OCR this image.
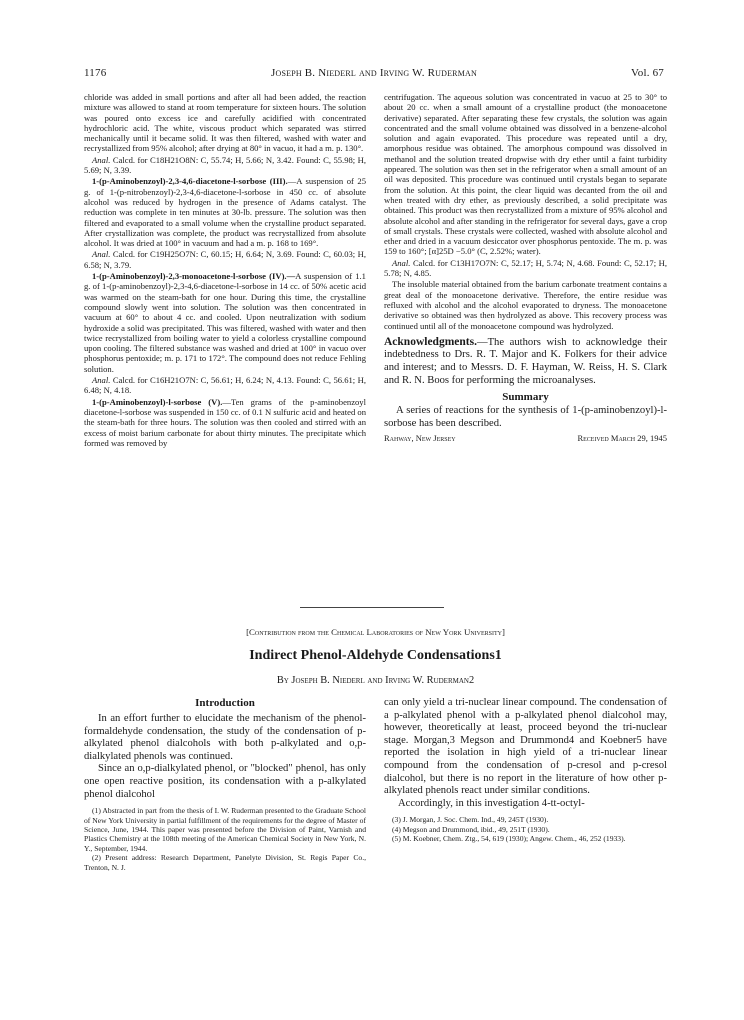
1176	Joseph B. Niederl and Irving W. Ruderman	Vol. 67

chloride was added in small portions and after all had been added, the reaction mixture was allowed to stand at room temperature for sixteen hours. The solution was poured onto excess ice and carefully acidified with concentrated hydrochloric acid. The white, viscous product which separated was stirred mechanically until it became solid. It was then filtered, washed with water and recrystallized from 95% alcohol; after drying at 80° in vacuo, it had a m. p. 130°.

Anal. Calcd. for C18H21O8N: C, 55.74; H, 5.66; N, 3.42. Found: C, 55.98; H, 5.69; N, 3.39.

1-(p-Aminobenzoyl)-2,3-4,6-diacetone-l-sorbose (III).—A suspension of 25 g. of 1-(p-nitrobenzoyl)-2,3-4,6-diacetone-l-sorbose in 450 cc. of absolute alcohol was reduced by hydrogen in the presence of Adams catalyst. The reduction was complete in ten minutes at 30-lb. pressure. The solution was then filtered and evaporated to a small volume when the crystalline product separated. After crystallization was complete, the product was recrystallized from absolute alcohol. It was dried at 100° in vacuum and had a m. p. 168 to 169°.

Anal. Calcd. for C19H25O7N: C, 60.15; H, 6.64; N, 3.69. Found: C, 60.03; H, 6.58; N, 3.79.

1-(p-Aminobenzoyl)-2,3-monoacetone-l-sorbose (IV).—A suspension of 1.1 g. of 1-(p-aminobenzoyl)-2,3-4,6-diacetone-l-sorbose in 14 cc. of 50% acetic acid was warmed on the steam-bath for one hour. During this time, the crystalline compound slowly went into solution. The solution was then concentrated in vacuum at 60° to about 4 cc. and cooled. Upon neutralization with sodium hydroxide a solid was precipitated. This was filtered, washed with water and then twice recrystallized from boiling water to yield a colorless crystalline compound upon cooling. The filtered substance was washed and dried at 100° in vacuo over phosphorus pentoxide; m. p. 171 to 172°. The compound does not reduce Fehling solution.

Anal. Calcd. for C16H21O7N: C, 56.61; H, 6.24; N, 4.13. Found: C, 56.61; H, 6.48; N, 4.18.

1-(p-Aminobenzoyl)-l-sorbose (V).—Ten grams of the p-aminobenzoyl diacetone-l-sorbose was suspended in 150 cc. of 0.1 N sulfuric acid and heated on the steam-bath for three hours. The solution was then cooled and stirred with an excess of moist barium carbonate for about thirty minutes. The precipitate which formed was removed by

centrifugation. The aqueous solution was concentrated in vacuo at 25 to 30° to about 20 cc. when a small amount of a crystalline product (the monoacetone derivative) separated. After separating these few crystals, the solution was again concentrated and the small volume obtained was dissolved in a benzene-alcohol solution and again evaporated. This procedure was repeated until a dry, amorphous residue was obtained. The amorphous compound was dissolved in methanol and the solution treated dropwise with dry ether until a faint turbidity appeared. The solution was then set in the refrigerator when a small amount of an oil was deposited. This procedure was continued until crystals began to separate from the solution. At this point, the clear liquid was decanted from the oil and when treated with dry ether, as previously described, a solid precipitate was obtained. This product was then recrystallized from a mixture of 95% alcohol and absolute alcohol and after standing in the refrigerator for several days, gave a crop of small crystals. These crystals were collected, washed with absolute alcohol and ether and dried in a vacuum desiccator over phosphorus pentoxide. The m. p. was 159 to 160°; [α]25D −5.0° (C, 2.52%; water).

Anal. Calcd. for C13H17O7N: C, 52.17; H, 5.74; N, 4.68. Found: C, 52.17; H, 5.78; N, 4.85.

The insoluble material obtained from the barium carbonate treatment contains a great deal of the monoacetone derivative. Therefore, the entire residue was refluxed with alcohol and the alcohol evaporated to dryness. The monoacetone derivative so obtained was then hydrolyzed as above. This recovery process was continued until all of the monoacetone compound was hydrolyzed.

Acknowledgments.—The authors wish to acknowledge their indebtedness to Drs. R. T. Major and K. Folkers for their advice and interest; and to Messrs. D. F. Hayman, W. Reiss, H. S. Clark and R. N. Boos for performing the microanalyses.

Summary

A series of reactions for the synthesis of 1-(p-aminobenzoyl)-l-sorbose has been described.

Rahway, New Jersey	Received March 29, 1945
[Contribution from the Chemical Laboratories of New York University]
Indirect Phenol-Aldehyde Condensations1
By Joseph B. Niederl and Irving W. Ruderman2
Introduction

In an effort further to elucidate the mechanism of the phenol-formaldehyde condensation, the study of the condensation of p-alkylated phenol dialcohols with both p-alkylated and o,p-dialkylated phenols was continued.

Since an o,p-dialkylated phenol, or "blocked" phenol, has only one open reactive position, its condensation with a p-alkylated phenol dialcohol

(1) Abstracted in part from the thesis of I. W. Ruderman presented to the Graduate School of New York University in partial fulfillment of the requirements for the degree of Master of Science, June, 1944. This paper was presented before the Division of Paint, Varnish and Plastics Chemistry at the 108th meeting of the American Chemical Society in New York, N. Y., September, 1944.

(2) Present address: Research Department, Panelyte Division, St. Regis Paper Co., Trenton, N. J.

can only yield a tri-nuclear linear compound. The condensation of a p-alkylated phenol with a p-alkylated phenol dialcohol may, however, theoretically at least, proceed beyond the tri-nuclear stage. Morgan,3 Megson and Drummond4 and Koebner5 have reported the isolation in high yield of a tri-nuclear linear compound from the condensation of p-cresol and p-cresol dialcohol, but there is no report in the literature of how other p-alkylated phenols react under similar conditions.

Accordingly, in this investigation 4-tt-octyl-

(3) J. Morgan, J. Soc. Chem. Ind., 49, 245T (1930).

(4) Megson and Drummond, ibid., 49, 251T (1930).

(5) M. Koebner, Chem. Ztg., 54, 619 (1930); Angew. Chem., 46, 252 (1933).
